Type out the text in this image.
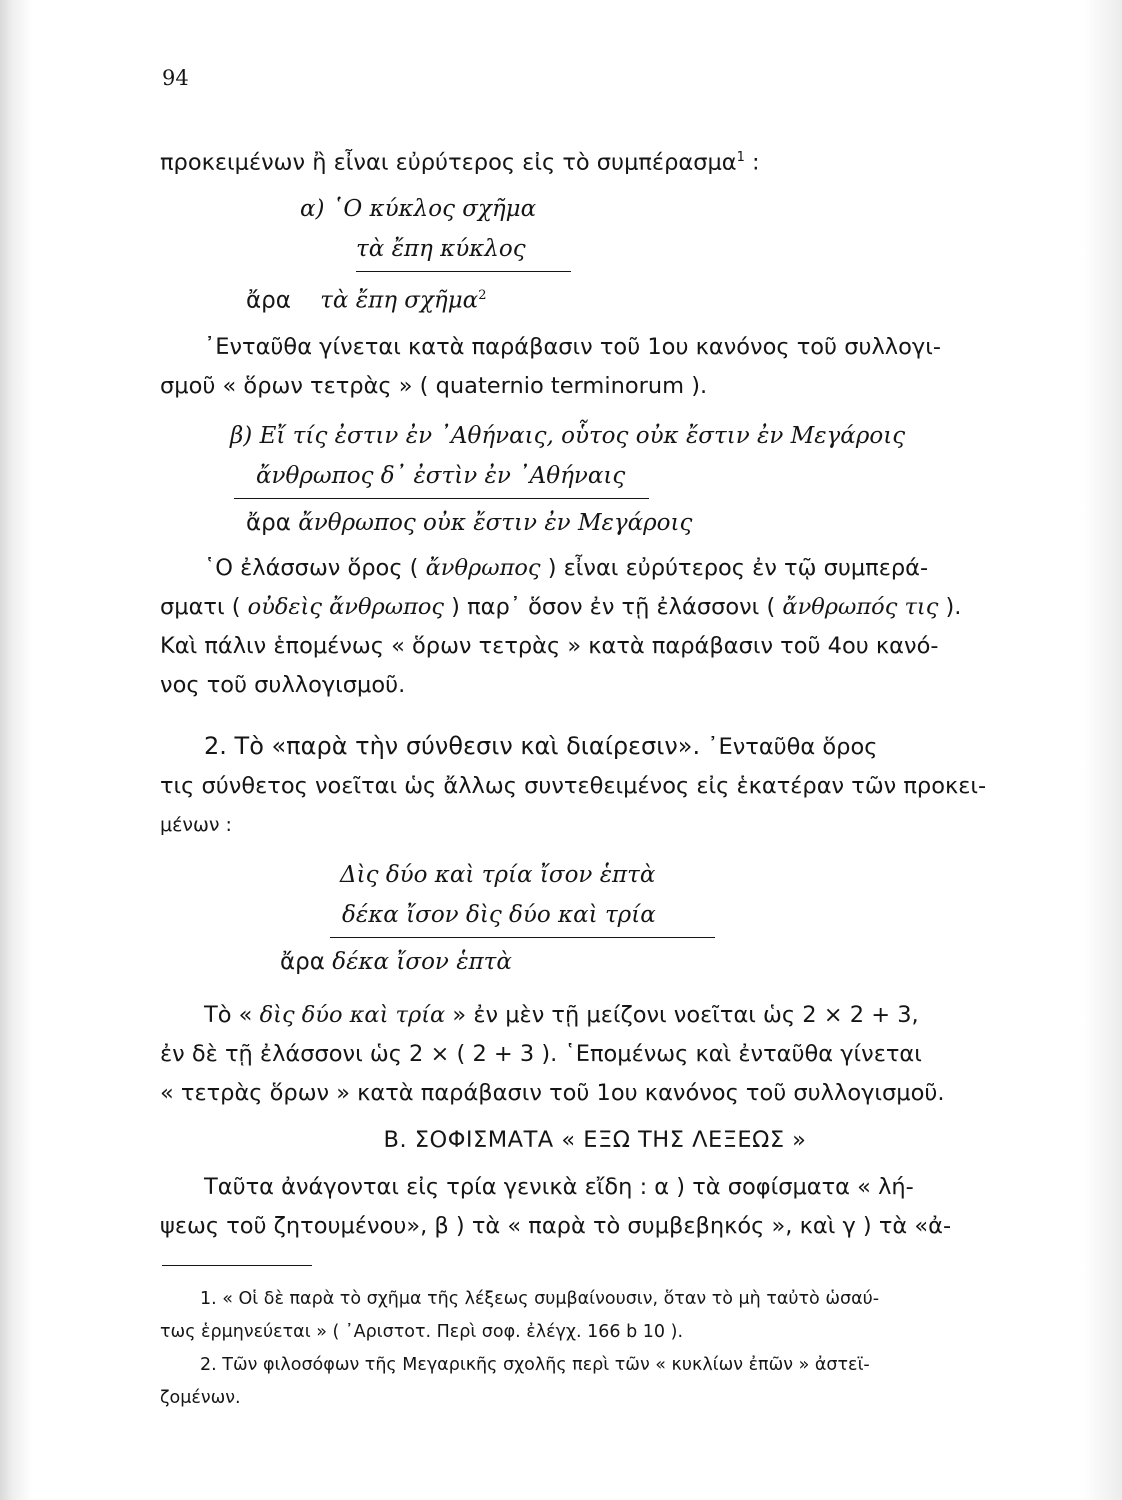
94
προκειμένων ἢ εἶναι εὐρύτερος εἰς τὸ συμπέρασμα$^1$ :
α) ῾Ο κύκλος σχῆμα
τὰ ἔπη κύκλος
ἄρα τὰ ἔπη σχῆμα$^2$
᾿Ενταῦθα γίνεται κατὰ παράβασιν τοῦ 1ου κανόνος τοῦ συλλογι-
σμοῦ « ὅρων τετρὰς » ( quaternio terminorum ).
β) Εἴ τίς ἐστιν ἐν ᾿Αθήναις, οὗτος οὐκ ἔστιν ἐν Μεγάροις
ἄνθρωπος δ᾿ ἐστὶν ἐν ᾿Αθήναις
ἄρα ἄνθρωπος οὐκ ἔστιν ἐν Μεγάροις
῾Ο ἐλάσσων ὅρος ( ἄνθρωπος ) εἶναι εὐρύτερος ἐν τῷ συμπερά-
σματι ( οὐδεὶς ἄνθρωπος ) παρ᾿ ὅσον ἐν τῇ ἐλάσσονι ( ἄνθρωπός τις ).
Καὶ πάλιν ἑπομένως « ὅρων τετρὰς » κατὰ παράβασιν τοῦ 4ου κανό-
νος τοῦ συλλογισμοῦ.
2. Τὸ «παρὰ τὴν σύνθεσιν καὶ διαίρεσιν». ᾿Ενταῦθα ὅρος
τις σύνθετος νοεῖται ὡς ἄλλως συντεθειμένος εἰς ἑκατέραν τῶν προκει-
μένων :
Δὶς δύο καὶ τρία ἴσον ἑπτὰ
δέκα ἴσον δὶς δύο καὶ τρία
ἄρα δέκα ἴσον ἑπτὰ
Τὸ « δὶς δύο καὶ τρία » ἐν μὲν τῇ μείζονι νοεῖται ὡς 2 × 2 + 3,
ἐν δὲ τῇ ἐλάσσονι ὡς 2 × ( 2 + 3 ). ῾Επομένως καὶ ἐνταῦθα γίνεται
« τετρὰς ὅρων » κατὰ παράβασιν τοῦ 1ου κανόνος τοῦ συλλογισμοῦ.
Β. ΣΟΦΙΣΜΑΤΑ « ΕΞΩ ΤΗΣ ΛΕΞΕΩΣ »
Ταῦτα ἀνάγονται εἰς τρία γενικὰ εἴδη : α ) τὰ σοφίσματα « λή-
ψεως τοῦ ζητουμένου», β ) τὰ « παρὰ τὸ συμβεβηκός », καὶ γ ) τὰ «ἀ-
1. « Οἱ δὲ παρὰ τὸ σχῆμα τῆς λέξεως συμβαίνουσιν, ὅταν τὸ μὴ ταὐτὸ ὡσαύ-
τως ἑρμηνεύεται » ( ᾿Αριστοτ. Περὶ σοφ. ἐλέγχ. 166 b 10 ).
2. Τῶν φιλοσόφων τῆς Μεγαρικῆς σχολῆς περὶ τῶν « κυκλίων ἐπῶν » ἀστεϊ-
ζομένων.
